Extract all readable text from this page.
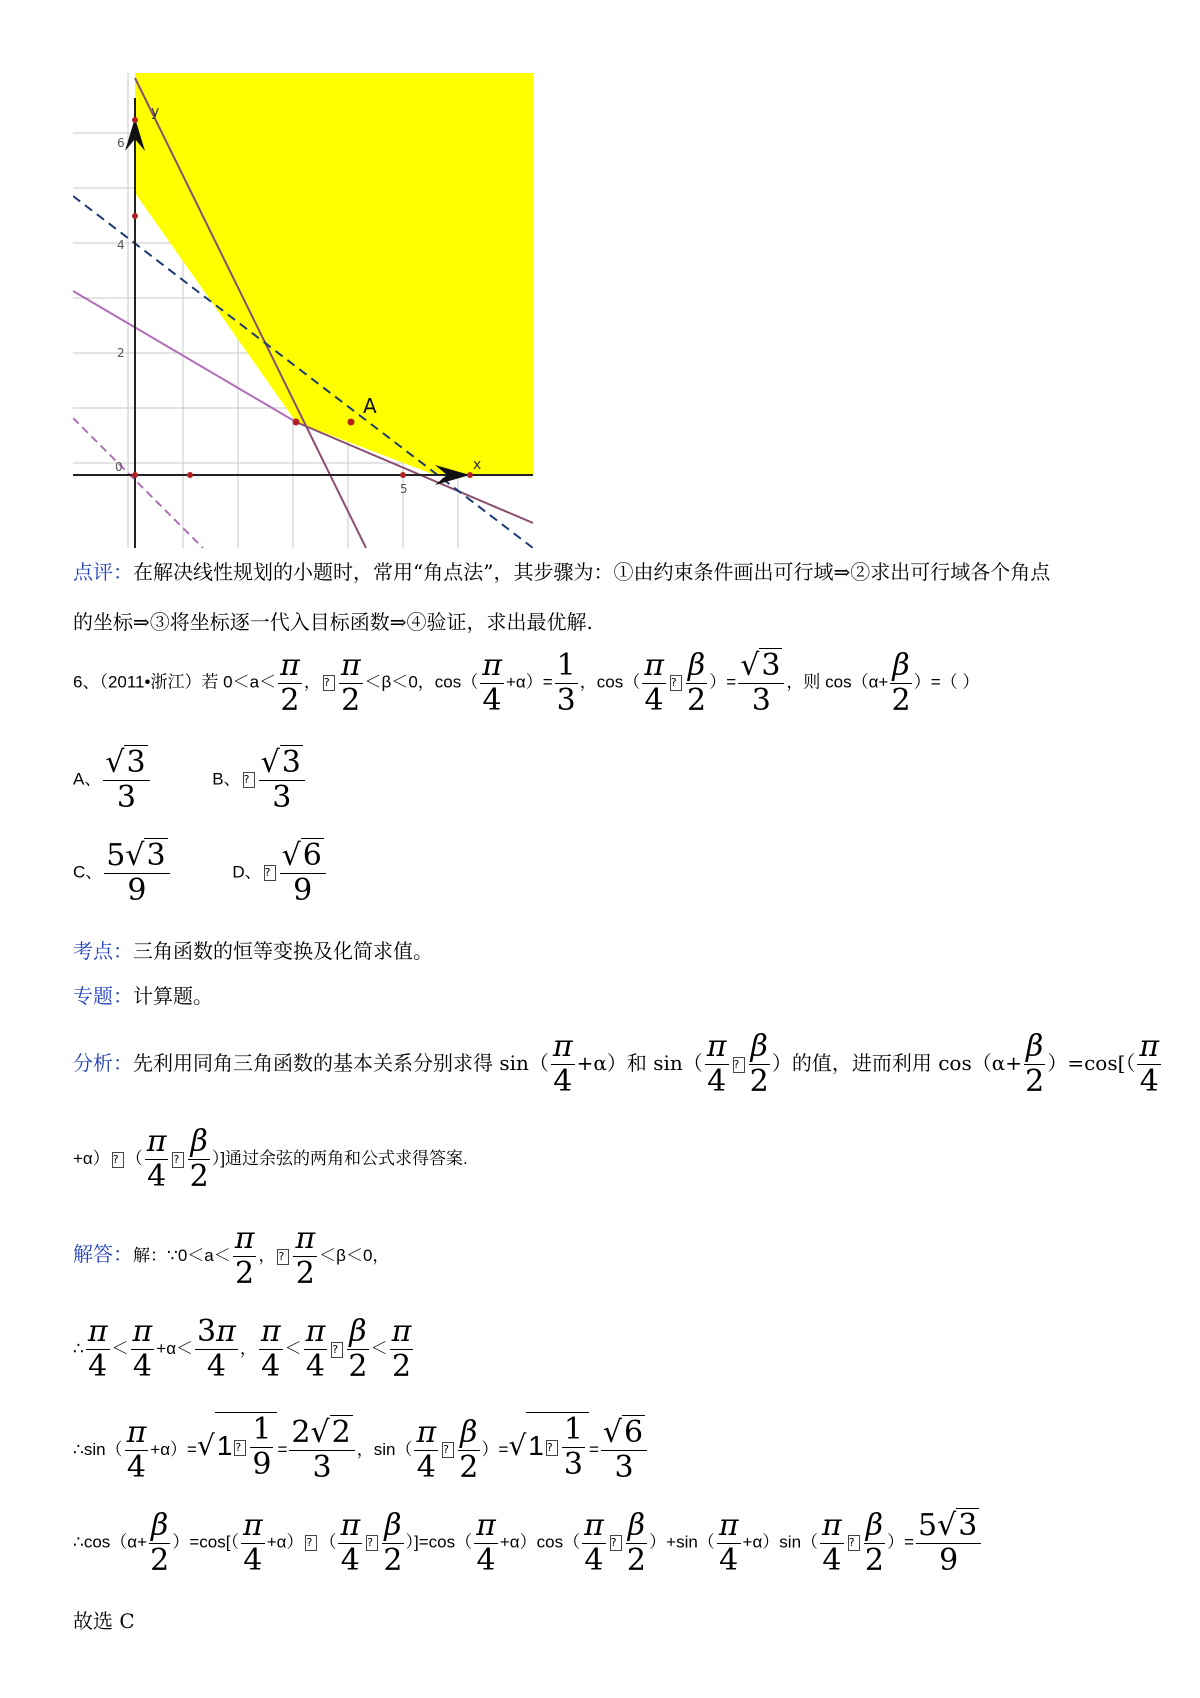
y
x
A
6
4
2
0
5
点评：在解决线性规划的小题时，常用“角点法”，其步骤为：①由约束条件画出可行域⇒②求出可行域各个角点
的坐标⇒③将坐标逐一代入目标函数⇒④验证，求出最优解.
6、（2011•浙江）若 $0<a< \frac{\pi}{2}$ ， ? $\frac{\pi}{2} <\beta<0$，$\cos( \frac{\pi}{4} +\alpha)= \frac{1}{3}$ ，$\cos( \frac{\pi}{4}$ ? $\frac{\beta}{2}$ ）= $\frac{√3}{3}$ ，则 $\cos(\alpha+ \frac{\beta}{2}$ ）=（ ）
A、 $\frac{√3}{3}$	B、 ? $\frac{√3}{3}$
C、 $\frac{5√3}{9}$	D、 ? $\frac{√6}{9}$
考点：三角函数的恒等变换及化简求值。
专题：计算题。
分析：先利用同角三角函数的基本关系分别求得 $\sin( \frac{\pi}{4} +\alpha)$和 $\sin( \frac{\pi}{4}$ ? $\frac{\beta}{2}$ ）的值，进而利用 $\cos(\alpha+ \frac{\beta}{2} )=\cos[( \frac{\pi}{4}$
+α） ? （ $\frac{\pi}{4}$ ? $\frac{\beta}{2}$ ）]通过余弦的两角和公式求得答案.
解答：解：∵0＜a＜ $\frac{\pi}{2}$ ， ? $\frac{\pi}{2} <\beta<0$，
∴ $\frac{\pi}{4} < \frac{\pi}{4} +\alpha< \frac{3\pi}{4}$ ， $\frac{\pi}{4} < \frac{\pi}{4}$ ? $\frac{\beta}{2} < \frac{\pi}{2}$
∴sin（ $\frac{\pi}{4} +\alpha)=√1$ ? $\frac{1}{9} = \frac{2√2}{3}$ ，$\sin( \frac{\pi}{4}$ ? $\frac{\beta}{2} )=√1$ ? $\frac{1}{3} = \frac{√6}{3}$
∴cos（α+ $\frac{\beta}{2} )=\cos[( \frac{\pi}{4} +\alpha)$ ? （ $\frac{\pi}{4}$ ? $\frac{\beta}{2} )]=\cos( \frac{\pi}{4} +\alpha)\cos( \frac{\pi}{4}$ ? $\frac{\beta}{2} )+\sin( \frac{\pi}{4} +\alpha)\sin( \frac{\pi}{4}$ ? $\frac{\beta}{2}$ ）= $\frac{5√3}{9}$
故选 C
